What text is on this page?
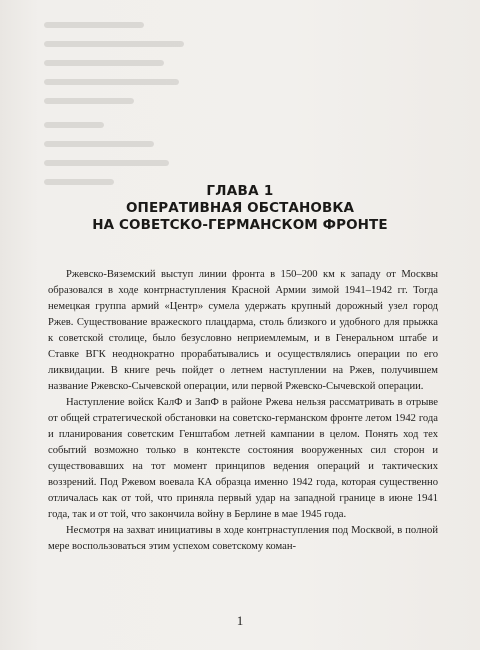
ГЛАВА 1
ОПЕРАТИВНАЯ ОБСТАНОВКА
НА СОВЕТСКО-ГЕРМАНСКОМ ФРОНТЕ

Ржевско-Вяземский выступ линии фронта в 150–200 км к западу от Москвы образовался в ходе контрнаступления Красной Армии зимой 1941–1942 гг. Тогда немецкая группа армий «Центр» сумела удержать крупный дорожный узел город Ржев. Существование вражеского плацдарма, столь близкого и удобного для прыжка к советской столице, было безусловно неприемлемым, и в Генеральном штабе и Ставке ВГК неоднократно прорабатывались и осуществлялись операции по его ликвидации. В книге речь пойдет о летнем наступлении на Ржев, получившем название Ржевско-Сычевской операции, или первой Ржевско-Сычевской операции.

Наступление войск КалФ и ЗапФ в районе Ржева нельзя рассматривать в отрыве от общей стратегической обстановки на советско-германском фронте летом 1942 года и планирования советским Генштабом летней кампании в целом. Понять ход тех событий возможно только в контексте состояния вооруженных сил сторон и существовавших на тот момент принципов ведения операций и тактических воззрений. Под Ржевом воевала КА образца именно 1942 года, которая существенно отличалась как от той, что приняла первый удар на западной границе в июне 1941 года, так и от той, что закончила войну в Берлине в мае 1945 года.

Несмотря на захват инициативы в ходе контрнаступления под Москвой, в полной мере воспользоваться этим успехом советскому коман-

1
